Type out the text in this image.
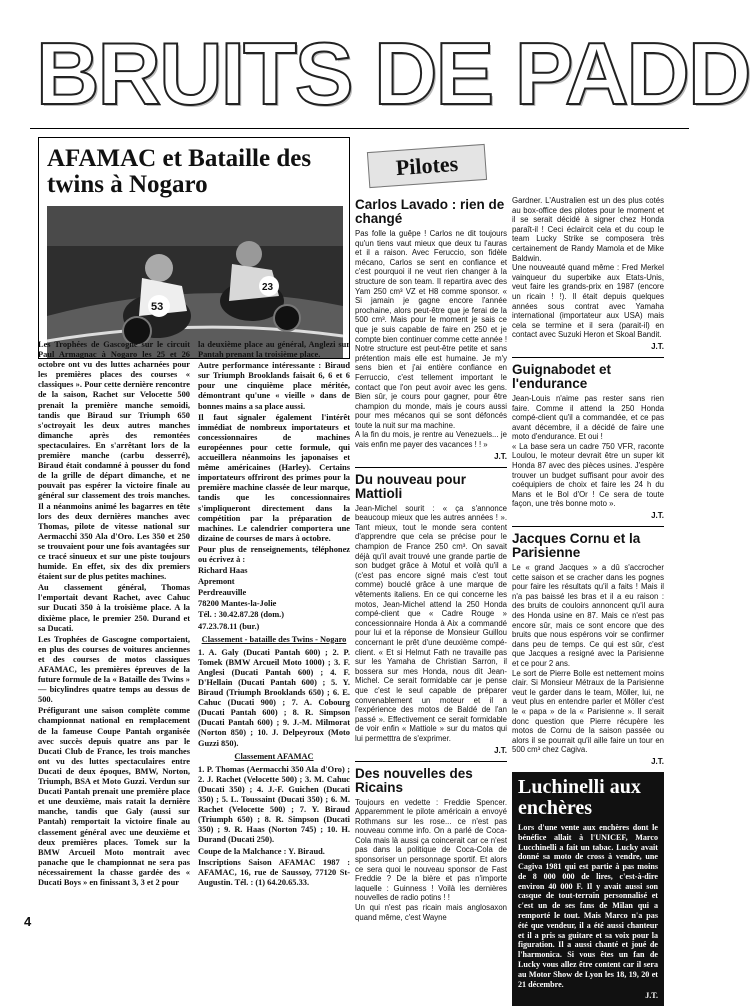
BRUITS DE PADD
AFAMAC et Bataille des twins à Nogaro
53
23

Les Trophées de Gascogne sur le circuit Paul Armagnac à Nogaro les 25 et 26 octobre ont vu des luttes acharnées pour les premières places des courses « classiques ». Pour cette dernière rencontre de la saison, Rachet sur Velocette 500 prenait la première manche semoidi, tandis que Biraud sur Triumph 650 s'octroyait les deux autres manches dimanche après des remontées spectaculaires. En s'arrêtant lors de la première manche (carbu desserré), Biraud était condamné à pousser du fond de la grille de départ dimanche, et ne pouvait pas espérer la victoire finale au général sur classement des trois manches. Il a néanmoins animé les bagarres en tête lors des deux dernières manches avec Thomas, pilote de vitesse national sur Aermacchi 350 Ala d'Oro. Les 350 et 250 se trouvaient pour une fois avantagées sur ce tracé sinueux et sur une piste toujours humide. En effet, six des dix premiers étaient sur de plus petites machines.

Au classement général, Thomas l'emportait devant Rachet, avec Cahuc sur Ducati 350 à la troisième place. A la dixième place, le premier 250. Durand et sa Ducati.

Les Trophées de Gascogne comportaient, en plus des courses de voitures anciennes et des courses de motos classiques AFAMAC, les premières épreuves de la future formule de la « Bataille des Twins » — bicylindres quatre temps au dessus de 500.

Préfigurant une saison complète comme championnat national en remplacement de la fameuse Coupe Pantah organisée avec succès depuis quatre ans par le Ducati Club de France, les trois manches ont vu des luttes spectaculaires entre Ducati de deux époques, BMW, Norton, Triumph, BSA et Moto Guzzi. Verdun sur Ducati Pantah prenait une première place et une deuxième, mais ratait la dernière manche, tandis que Galy (aussi sur Pantah) remportait la victoire finale au classement général avec une deuxième et deux premières places. Tomek sur la BMW Arcueil Moto montrait avec panache que le championnat ne sera pas nécessairement la chasse gardée des « Ducati Boys » en finissant 3, 3 et 2 pour

la deuxième place au général, Anglezi sur Pantah prenant la troisième place.

Autre performance intéressante : Biraud sur Triumph Brooklands faisait 6, 6 et 6 pour une cinquième place méritée, démontrant qu'une « vieille » dans de bonnes mains a sa place aussi.

Il faut signaler également l'intérêt immédiat de nombreux importateurs et concessionnaires de machines européennes pour cette formule, qui accueillera néanmoins les japonaises et même américaines (Harley). Certains importateurs offriront des primes pour la première machine classée de leur marque, tandis que les concessionnaires s'impliqueront directement dans la compétition par la préparation de machines. Le calendrier comportera une dizaine de courses de mars à octobre.

Pour plus de renseignements, téléphonez ou écrivez à :

Richard Haas

Apremont

Perdreauville

78200 Mantes-la-Jolie

Tél. : 30.42.87.28 (dom.)

47.23.78.11 (bur.)

Classement - bataille des Twins - Nogaro

1. A. Galy (Ducati Pantah 600) ; 2. P. Tomek (BMW Arcueil Moto 1000) ; 3. F. Anglesi (Ducati Pantah 600) ; 4. F. D'Hellain (Ducati Pantah 600) ; 5. Y. Biraud (Triumph Brooklands 650) ; 6. E. Cahuc (Ducati 900) ; 7. A. Cobourg (Ducati Pantah 600) ; 8. R. Simpson (Ducati Pantah 600) ; 9. J.-M. Milmorat (Norton 850) ; 10. J. Delpeyroux (Moto Guzzi 850).

Classement AFAMAC

1. P. Thomas (Aermacchi 350 Ala d'Oro) ; 2. J. Rachet (Velocette 500) ; 3. M. Cahuc (Ducati 350) ; 4. J.-F. Guichen (Ducati 350) ; 5. L. Toussaint (Ducati 350) ; 6. M. Rachet (Velocette 500) ; 7. Y. Biraud (Triumph 650) ; 8. R. Simpson (Ducati 350) ; 9. R. Haas (Norton 745) ; 10. H. Durand (Ducati 250).

Coupe de la Malchance : Y. Biraud.

Inscriptions Saison AFAMAC 1987 : AFAMAC, 16, rue de Saussoy, 77120 St-Augustin. Tél. : (1) 64.20.65.33.

Pilotes
Carlos Lavado : rien de changé

Pas folle la guêpe ! Carlos ne dit toujours qu'un tiens vaut mieux que deux tu l'auras et il a raison. Avec Feruccio, son fidèle mécano, Carlos se sent en confiance et c'est pourquoi il ne veut rien changer à la structure de son team. Il repartira avec des Yam 250 cm³ VZ et H8 comme sponsor. « Si jamain je gagne encore l'année prochaine, alors peut-être que je ferai de la 500 cm³. Mais pour le moment je sais ce que je suis capable de faire en 250 et je compte bien continuer comme cette année ! Notre structure est peut-être petite et sans prétention mais elle est humaine. Je m'y sens bien et j'ai entière confiance en Ferruccio, c'est tellement important le contact que l'on peut avoir avec les gens. Bien sûr, je cours pour gagner, pour être champion du monde, mais je cours aussi pour mes mécanos qui se sont défoncés toute la nuit sur ma machine.

A la fin du mois, je rentre au Venezuels... je vais enfin me payer des vacances ! ! »

J.T.
Du nouveau pour Mattioli

Jean-Michel sourit : « ça s'annonce beaucoup mieux que les autres années ! ». Tant mieux, tout le monde sera content d'apprendre que cela se précise pour le champion de France 250 cm³. On savait déjà qu'il avait trouvé une grande partie de son budget grâce à Motul et voilà qu'il a (c'est pas encore signé mais c'est tout comme) bouclé grâce à une marque de vêtements italiens. En ce qui concerne les motos, Jean-Michel attend la 250 Honda compé-client que « Cadre Rouge » concessionnaire Honda à Aix a commandé pour lui et la réponse de Monsieur Guillou concernant le prêt d'une deuxième compé-client. « Et si Helmut Fath ne travaille pas sur les Yamaha de Christian Sarron, il bossera sur mes Honda, nous dit Jean-Michel. Ce serait formidable car je pense que c'est le seul capable de préparer convenablement un moteur et il a l'expérience des motos de Baldé de l'an passé ». Effectivement ce serait formidable de voir enfin « Mattiole » sur du matos qui lui permetttra de s'exprimer.

J.T.
Des nouvelles des Ricains

Toujours en vedette : Freddie Spencer. Apparemment le pilote américain a envoyé Rothmans sur les rose... ce n'est pas nouveau comme info. On a parlé de Coca-Cola mais là aussi ça coincerait car ce n'est pas dans la politique de Coca-Cola de sponsoriser un personnage sportif. Et alors ce sera quoi le nouveau sponsor de Fast Freddie ? De la bière et pas n'importe laquelle : Guinness ! Voilà les dernières nouvelles de radio potins ! !

Un qui n'est pas ricain mais anglosaxon quand même, c'est Wayne

Gardner. L'Australien est un des plus cotés au box-office des pilotes pour le moment et il se serait décidé à signer chez Honda paraît-il ! Ceci éclaircit cela et du coup le team Lucky Strike se composera très certainement de Randy Mamola et de Mike Baldwin.

Une nouveauté quand même : Fred Merkel vainqueur du superbike aux Etats-Unis, veut faire les grands-prix en 1987 (encore un ricain ! !). Il était depuis quelques années sous contrat avec Yamaha international (importateur aux USA) mais cela se termine et il sera (parait-il) en contact avec Suzuki Heron et Skoal Bandit.

J.T.
Guignabodet et l'endurance

Jean-Louis n'aime pas rester sans rien faire. Comme il attend la 250 Honda compé-client qu'il a commandée, et ce pas avant décembre, il a décidé de faire une moto d'endurance. Et oui !

« La base sera un cadre 750 VFR, raconte Loulou, le moteur devrait être un super kit Honda 87 avec des pièces usines. J'espère trouver un budget suffisant pour avoir des coéquipiers de choix et faire les 24 h du Mans et le Bol d'Or ! Ce sera de toute façon, une très bonne moto ».

J.T.
Jacques Cornu et la Parisienne

Le « grand Jacques » a dû s'accrocher cette saison et se cracher dans les pognes pour faire les résultats qu'il a faits ! Mais il n'a pas baissé les bras et il a eu raison : des bruits de couloirs annoncent qu'il aura des Honda usine en 87. Mais ce n'est pas encore sûr, mais ce sont encore que des bruits que nous espérons voir se confirmer dans peu de temps. Ce qui est sûr, c'est que Jacques a resigné avec la Parisienne et ce pour 2 ans.

Le sort de Pierre Bolle est nettement moins clair. Si Monsieur Métraux de la Parisienne veut le garder dans le team, Möller, lui, ne veut plus en entendre parler et Möller c'est le « papa » de la « Parisienne ». Il serait donc question que Pierre récupère les motos de Cornu de la saison passée ou alors il se pourrait qu'il aille faire un tour en 500 cm³ chez Cagiva.

J.T.
Luchinelli aux enchères

Lors d'une vente aux enchères dont le bénéfice allait à l'UNICEF, Marco Lucchinelli a fait un tabac. Lucky avait donné sa moto de cross à vendre, une Cagiva 1981 qui est partie à pas moins de 8 000 000 de lires, c'est-à-dire environ 40 000 F. Il y avait aussi son casque de tout-terrain personnalisé et c'est un de ses fans de Milan qui a remporté le tout. Mais Marco n'a pas été que vendeur, il a été aussi chanteur et il a pris sa guitare et sa voix pour la figuration. Il a aussi chanté et joué de l'harmonica. Si vous êtes un fan de Lucky vous allez être content car il sera au Motor Show de Lyon les 18, 19, 20 et 21 décembre.

J.T.
4
